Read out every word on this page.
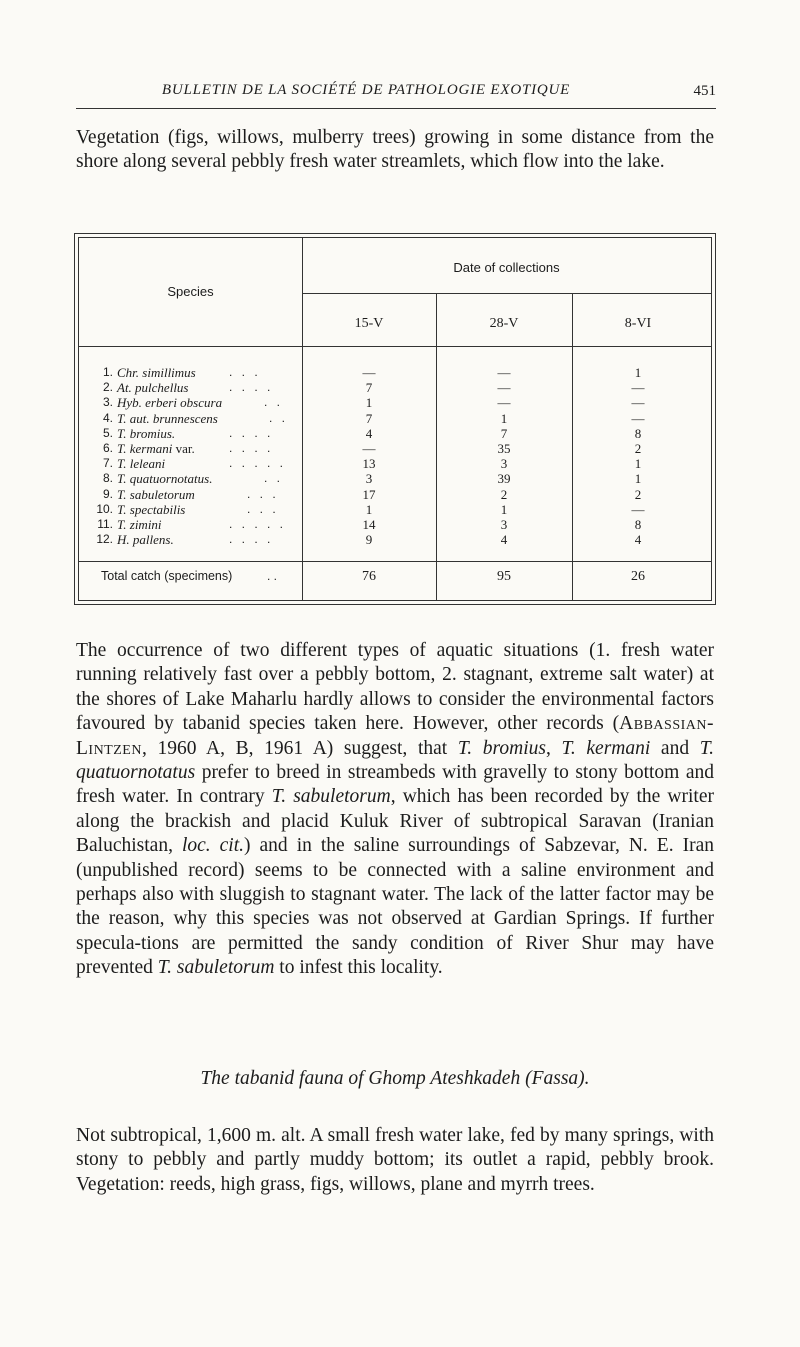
BULLETIN DE LA SOCIÉTÉ DE PATHOLOGIE EXOTIQUE	451
Vegetation (figs, willows, mulberry trees) growing in some distance from the shore along several pebbly fresh water streamlets, which flow into the lake.
Species
Date of collections
15-V	28-V	8-VI
1. Chr. simillimus	. . .	—	—	1
2. At. pulchellus	. . . .	7	—	—
3. Hyb. erberi obscura	. .	1	—	—
4. T. aut. brunnescens	. .	7	1	—
5. T. bromius.	. . . .	4	7	8
6. T. kermani var.	. . . .	—	35	2
7. T. leleani	. . . . .	13	3	1
8. T. quatuornotatus.	. .	3	39	1
9. T. sabuletorum	. . .	17	2	2
10. T. spectabilis	. . .	1	1	—
11. T. zimini	. . . . .	14	3	8
12. H. pallens.	. . . .	9	4	4
Total catch (specimens)	. .	76	95	26
The occurrence of two different types of aquatic situations (1. fresh water running relatively fast over a pebbly bottom, 2. stagnant, extreme salt water) at the shores of Lake Maharlu hardly allows to consider the environmental factors favoured by tabanid species taken here. However, other records (Abbassian-Lintzen, 1960 A, B, 1961 A) suggest, that T. bromius, T. kermani and T. quatuornotatus prefer to breed in streambeds with gravelly to stony bottom and fresh water. In contrary T. sabuletorum, which has been recorded by the writer along the brackish and placid Kuluk River of subtropical Saravan (Iranian Baluchistan, loc. cit.) and in the saline surroundings of Sabzevar, N. E. Iran (unpublished record) seems to be connected with a saline environment and perhaps also with sluggish to stagnant water. The lack of the latter factor may be the reason, why this species was not observed at Gardian Springs. If further specula-tions are permitted the sandy condition of River Shur may have prevented T. sabuletorum to infest this locality.
The tabanid fauna of Ghomp Ateshkadeh (Fassa).
Not subtropical, 1,600 m. alt. A small fresh water lake, fed by many springs, with stony to pebbly and partly muddy bottom; its outlet a rapid, pebbly brook. Vegetation: reeds, high grass, figs, willows, plane and myrrh trees.
